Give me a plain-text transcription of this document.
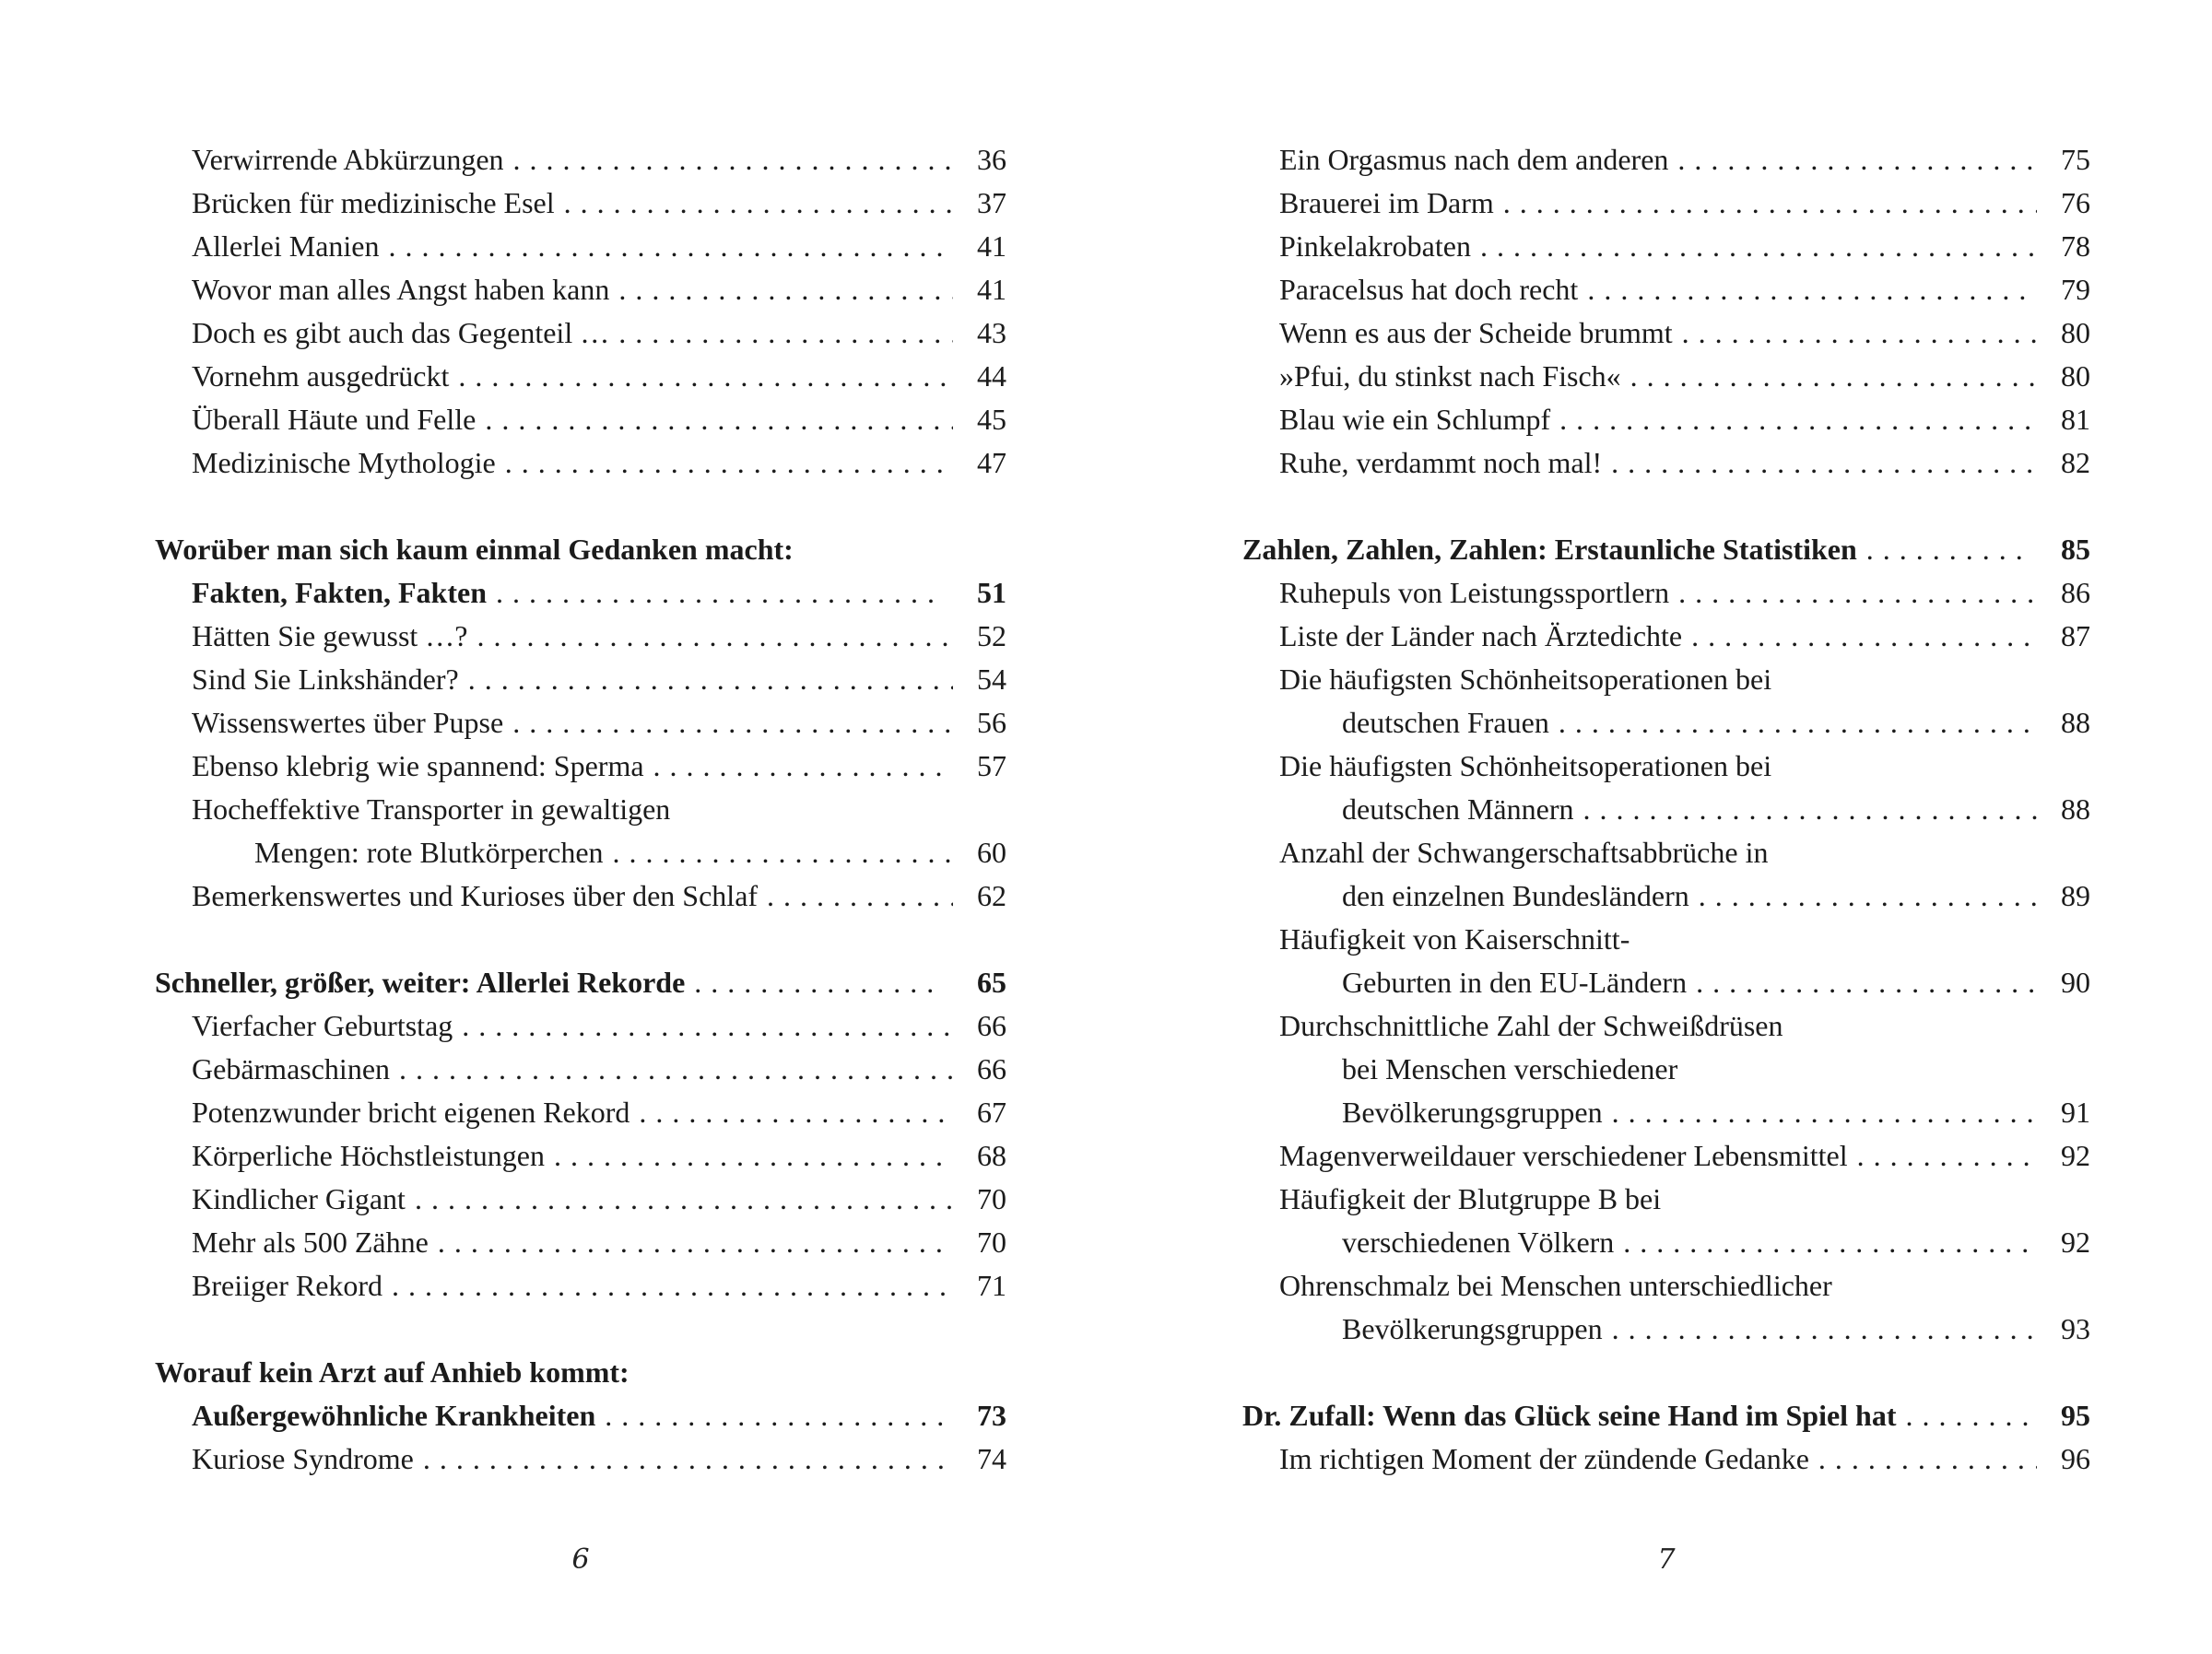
Verwirrende Abkürzungen . . .	36
Brücken für medizinische Esel . . .	37
Allerlei Manien . . .	41
Wovor man alles Angst haben kann . . .	41
Doch es gibt auch das Gegenteil … . . .	43
Vornehm ausgedrückt . . .	44
Überall Häute und Felle . . .	45
Medizinische Mythologie . . .	47
Worüber man sich kaum einmal Gedanken macht:
Fakten, Fakten, Fakten . . .	51
Hätten Sie gewusst …? . . .	52
Sind Sie Linkshänder? . . .	54
Wissenswertes über Pupse . . .	56
Ebenso klebrig wie spannend: Sperma . . .	57
Hocheffektive Transporter in gewaltigen
Mengen: rote Blutkörperchen . . .	60
Bemerkenswertes und Kurioses über den Schlaf . . .	62
Schneller, größer, weiter: Allerlei Rekorde . . .	65
Vierfacher Geburtstag . . .	66
Gebärmaschinen . . .	66
Potenzwunder bricht eigenen Rekord . . .	67
Körperliche Höchstleistungen . . .	68
Kindlicher Gigant . . .	70
Mehr als 500 Zähne . . .	70
Breiiger Rekord . . .	71
Worauf kein Arzt auf Anhieb kommt:
Außergewöhnliche Krankheiten . . .	73
Kuriose Syndrome . . .	74
6
Ein Orgasmus nach dem anderen . . .	75
Brauerei im Darm . . .	76
Pinkelakrobaten . . .	78
Paracelsus hat doch recht . . .	79
Wenn es aus der Scheide brummt . . .	80
»Pfui, du stinkst nach Fisch« . . .	80
Blau wie ein Schlumpf . . .	81
Ruhe, verdammt noch mal! . . .	82
Zahlen, Zahlen, Zahlen: Erstaunliche Statistiken . . .	85
Ruhepuls von Leistungssportlern . . .	86
Liste der Länder nach Ärztedichte . . .	87
Die häufigsten Schönheitsoperationen bei
deutschen Frauen . . .	88
Die häufigsten Schönheitsoperationen bei
deutschen Männern . . .	88
Anzahl der Schwangerschaftsabbrüche in
den einzelnen Bundesländern . . .	89
Häufigkeit von Kaiserschnitt-
Geburten in den EU-Ländern . . .	90
Durchschnittliche Zahl der Schweißdrüsen
bei Menschen verschiedener
Bevölkerungsgruppen . . .	91
Magenverweildauer verschiedener Lebensmittel . . .	92
Häufigkeit der Blutgruppe B bei
verschiedenen Völkern . . .	92
Ohrenschmalz bei Menschen unterschiedlicher
Bevölkerungsgruppen . . .	93
Dr. Zufall: Wenn das Glück seine Hand im Spiel hat . . .	95
Im richtigen Moment der zündende Gedanke . . .	96
7
